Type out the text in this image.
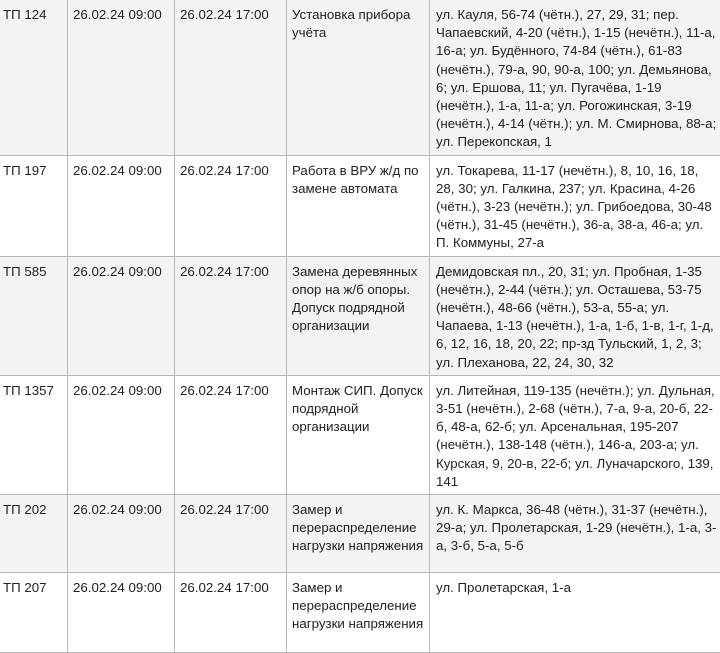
ТП 124	26.02.24 09:00	26.02.24 17:00	Установка прибора учёта	ул. Кауля, 56-74 (чётн.), 27, 29, 31; пер. Чапаевский, 4-20 (чётн.), 1-15 (нечётн.), 11-а, 16-а; ул. Будённого, 74-84 (чётн.), 61-83 (нечётн.), 79-а, 90, 90-а, 100; ул. Демьянова, 6; ул. Ершова, 11; ул. Пугачёва, 1-19 (нечётн.), 1-а, 11-а; ул. Рогожинская, 3-19 (нечётн.), 4-14 (чётн.); ул. М. Смирнова, 88-а; ул. Перекопская, 1
ТП 197	26.02.24 09:00	26.02.24 17:00	Работа в ВРУ ж/д по замене автомата	ул. Токарева, 11-17 (нечётн.), 8, 10, 16, 18, 28, 30; ул. Галкина, 237; ул. Красина, 4-26 (чётн.), 3-23 (нечётн.); ул. Грибоедова, 30-48 (чётн.), 31-45 (нечётн.), 36-а, 38-а, 46-а; ул. П. Коммуны, 27-а
ТП 585	26.02.24 09:00	26.02.24 17:00	Замена деревянных опор на ж/б опоры. Допуск подрядной организации	Демидовская пл., 20, 31; ул. Пробная, 1-35 (нечётн.), 2-44 (чётн.); ул. Осташева, 53-75 (нечётн.), 48-66 (чётн.), 53-а, 55-а; ул. Чапаева, 1-13 (нечётн.), 1-а, 1-б, 1-в, 1-г, 1-д, 6, 12, 16, 18, 20, 22; пр-зд Тульский, 1, 2, 3; ул. Плеханова, 22, 24, 30, 32
ТП 1357	26.02.24 09:00	26.02.24 17:00	Монтаж СИП. Допуск подрядной организации	ул. Литейная, 119-135 (нечётн.); ул. Дульная, 3-51 (нечётн.), 2-68 (чётн.), 7-а, 9-а, 20-б, 22-б, 48-а, 62-б; ул. Арсенальная, 195-207 (нечётн.), 138-148 (чётн.), 146-а, 203-а; ул. Курская, 9, 20-в, 22-б; ул. Луначарского, 139, 141
ТП 202	26.02.24 09:00	26.02.24 17:00	Замер и перераспределение нагрузки напряжения	ул. К. Маркса, 36-48 (чётн.), 31-37 (нечётн.), 29-а; ул. Пролетарская, 1-29 (нечётн.), 1-а, 3-а, 3-б, 5-а, 5-б
ТП 207	26.02.24 09:00	26.02.24 17:00	Замер и перераспределение нагрузки напряжения	ул. Пролетарская, 1-а
